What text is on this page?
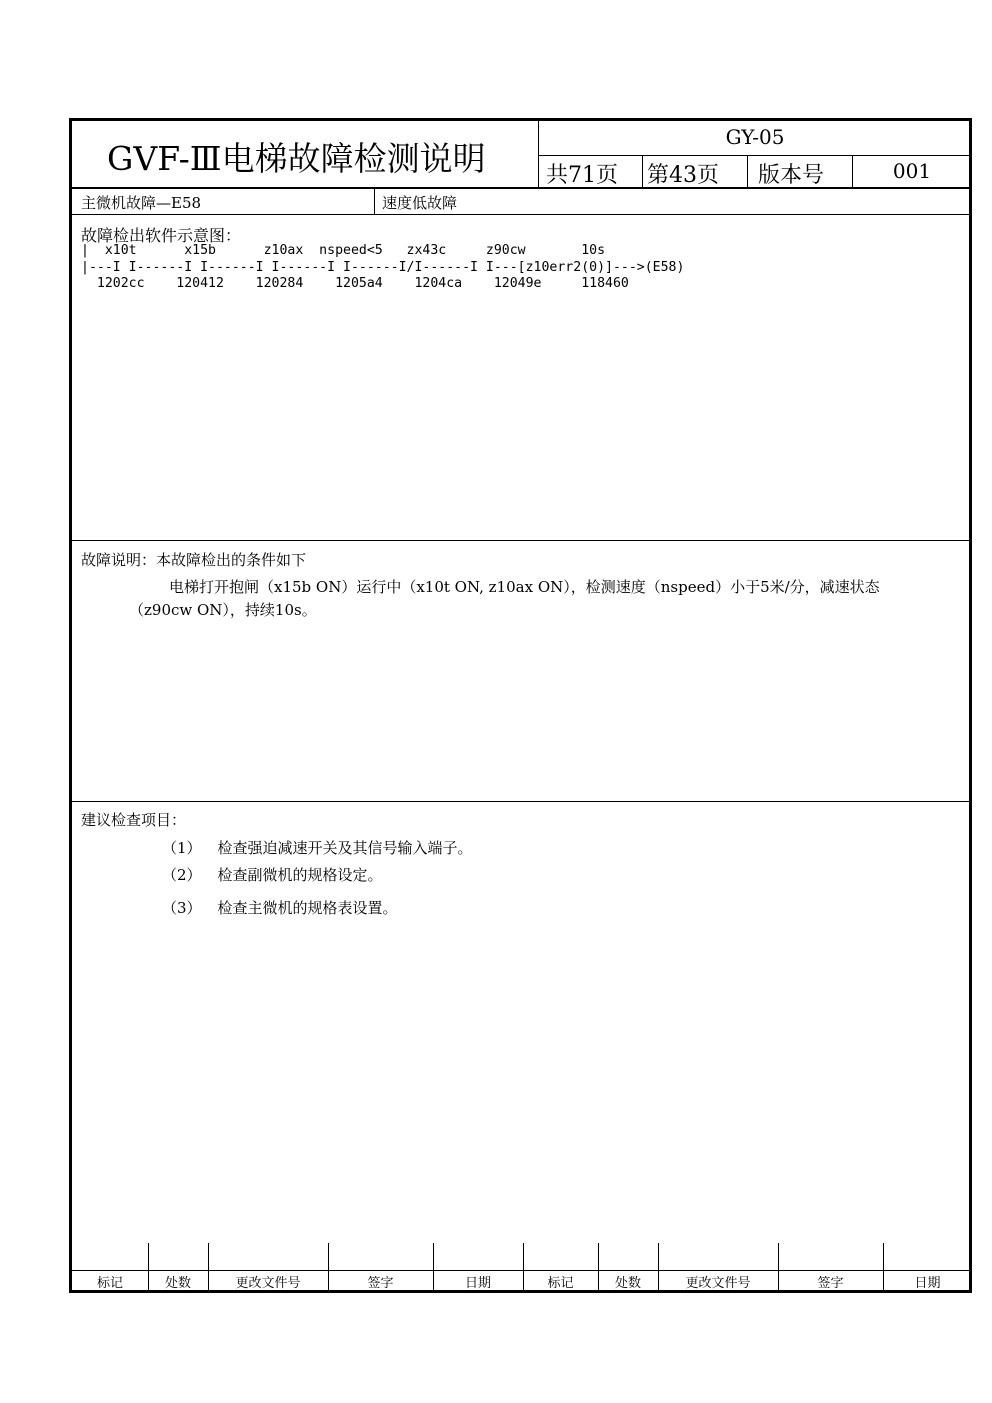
GVF-Ⅲ电梯故障检测说明
GY-05
共71页 第43页 版本号	001
主微机故障—E58	速度低故障
故障检出软件示意图：
|  x10t      x15b      z10ax  nspeed<5   zx43c     z90cw       10s
|---I I------I I------I I------I I------I/I------I I---[z10err2(0)]--->(E58)
1202cc    120412    120284    1205a4    1204ca    12049e     118460
故障说明：本故障检出的条件如下
电梯打开抱闸（x15b ON）运行中（x10t ON, z10ax ON），检测速度（nspeed）小于5米/分，减速状态
（z90cw ON），持续10s。
建议检查项目：
（1） 检查强迫减速开关及其信号输入端子。
（2） 检查副微机的规格设定。
（3） 检查主微机的规格表设置。
标记	处数	更改文件号	签字	日期	标记	处数	更改文件号	签字	日期
